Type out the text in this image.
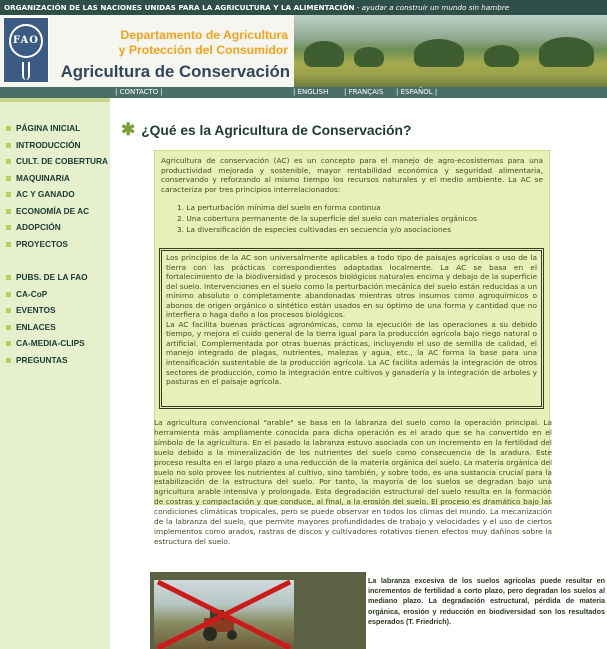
ORGANIZACIÓN DE LAS NACIONES UNIDAS PARA LA AGRICULTURA Y LA ALIMENTACIÓN - ayudar a construir un mundo sin hambre
FAO	Departamento de Agricultura
y Protección del Consumidor
Agricultura de Conservación
| CONTACTO |	| ENGLISH | FRANÇAIS | ESPAÑOL |
PÁGINA INICIAL
INTRODUCCIÓN
CULT. DE COBERTURA
MAQUINARIA
AC Y GANADO
ECONOMÍA DE AC
ADOPCIÓN
PROYECTOS
PUBS. DE LA FAO
CA-CoP
EVENTOS
ENLACES
CA-MEDIA-CLIPS
PREGUNTAS
✱ ¿Qué es la Agricultura de Conservación?

Agricultura de conservación (AC) es un concepto para el manejo de agro-ecosistemas para una productividad mejorada y sostenible, mayor rentabilidad económica y seguridad alimentaria, conservando y reforzando al mismo tiempo los recursos naturales y el medio ambiente. La AC se caracteriza por tres principios interrelacionados:

1. La perturbación mínima del suelo en forma continua
2. Una cobertura permanente de la superficie del suelo con materiales orgánicos
3. La diversificación de especies cultivadas en secuencia y/o asociaciones

Los principios de la AC son universalmente aplicables a todo tipo de paisajes agrícolas o uso de la tierra con las prácticas correspondientes adaptadas localmente. La AC se basa en el fortalecimiento de la biodiversidad y procesos biológicos naturales encima y debajo de la superficie del suelo. Intervenciones en el suelo como la perturbación mecánica del suelo están reducidas a un mínimo absoluto o completamente abandonadas mientras otros insumos como agroquímicos o abonos de origen orgánico o sintético están usados en su óptimo de una forma y cantidad que no interfiera o haga daño a los procesos biológicos.

La AC facilita buenas prácticas agronómicas, como la ejecución de las operaciones a su debido tiempo, y mejora el cuido general de la tierra igual para la producción agrícola bajo riego natural o artificial. Complementada por otras buenas prácticas, incluyendo el uso de semilla de calidad, el manejo integrado de plagas, nutrientes, malezas y agua, etc., la AC forma la base para una intensificación sustentable de la producción agrícola. La AC facilita además la integración de otros sectores de producción, como la integración entre cultivos y ganadería y la integración de arboles y pasturas en el paisaje agrícola.

La agricultura convencional "arable" se basa en la labranza del suelo como la operación principal. La herramienta más ampliamente conocida para dicha operación es el arado que se ha convertido en el símbolo de la agricultura. En el pasado la labranza estuvo asociada con un incremento en la fertilidad del suelo debido a la mineralización de los nutrientes del suelo como consecuencia de la aradura. Este proceso resulta en el largo plazo a una reducción de la materia orgánica del suelo. La materia orgánica del suelo no solo provee los nutrientes al cultivo, sino también, y sobre todo, es una sustancia crucial para la estabilización de la estructura del suelo. Por tanto, la mayoría de los suelos se degradan bajo una agricultura arable intensiva y prolongada. Esta degradación estructural del suelo resulta en la formación de costras y compactación y que conduce, al final, a la erosión del suelo. El proceso es dramático bajo las condiciones climáticas tropicales, pero se puede observar en todos los climas del mundo. La mecanización de la labranza del suelo, que permite mayores profundidades de trabajo y velocidades y el uso de ciertos implementos como arados, rastras de discos y cultivadores rotativos tienen efectos muy dañinos sobre la estructura del suelo.

La labranza excesiva de los suelos agrícolas puede resultar en incrementos de fertilidad a corto plazo, pero degradan los suelos al mediano plazo. La degradación estructural, pérdida de materia orgánica, erosión y reducción en biodiversidad son los resultados esperados (T. Friedrich).
